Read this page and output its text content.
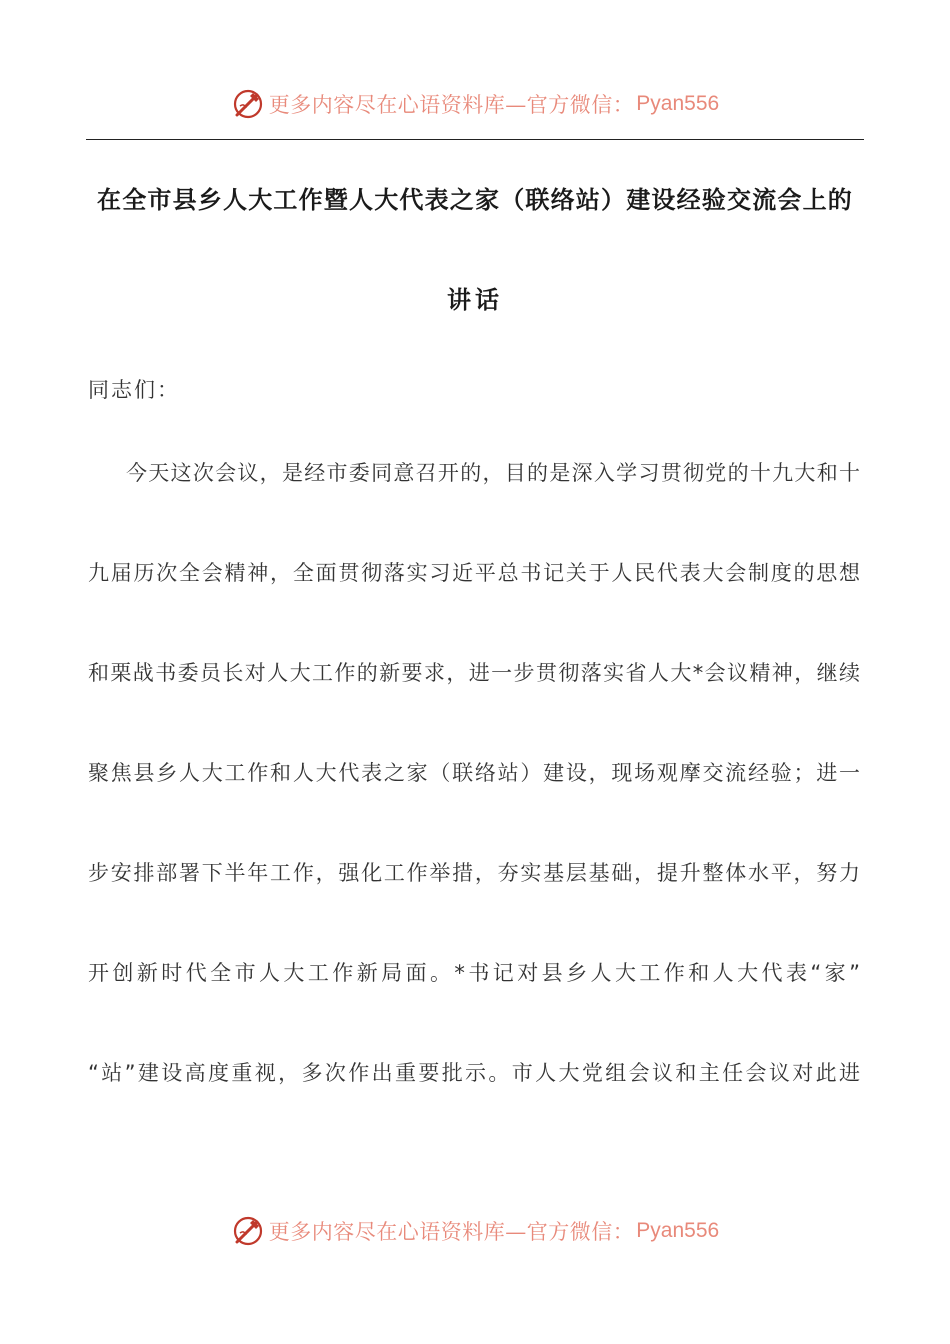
更多内容尽在心语资料库—官方微信： Pyan556
在全市县乡人大工作暨人大代表之家（联络站）建设经验交流会上的
讲话
同志们：
今天这次会议，是经市委同意召开的，目的是深入学习贯彻党的十九大和十
九届历次全会精神，全面贯彻落实习近平总书记关于人民代表大会制度的思想
和栗战书委员长对人大工作的新要求，进一步贯彻落实省人大*会议精神，继续
聚焦县乡人大工作和人大代表之家（联络站）建设，现场观摩交流经验；进一
步安排部署下半年工作，强化工作举措，夯实基层基础，提升整体水平，努力
开创新时代全市人大工作新局面。*书记对县乡人大工作和人大代表“家”
“站”建设高度重视，多次作出重要批示。市人大党组会议和主任会议对此进
更多内容尽在心语资料库—官方微信： Pyan556
